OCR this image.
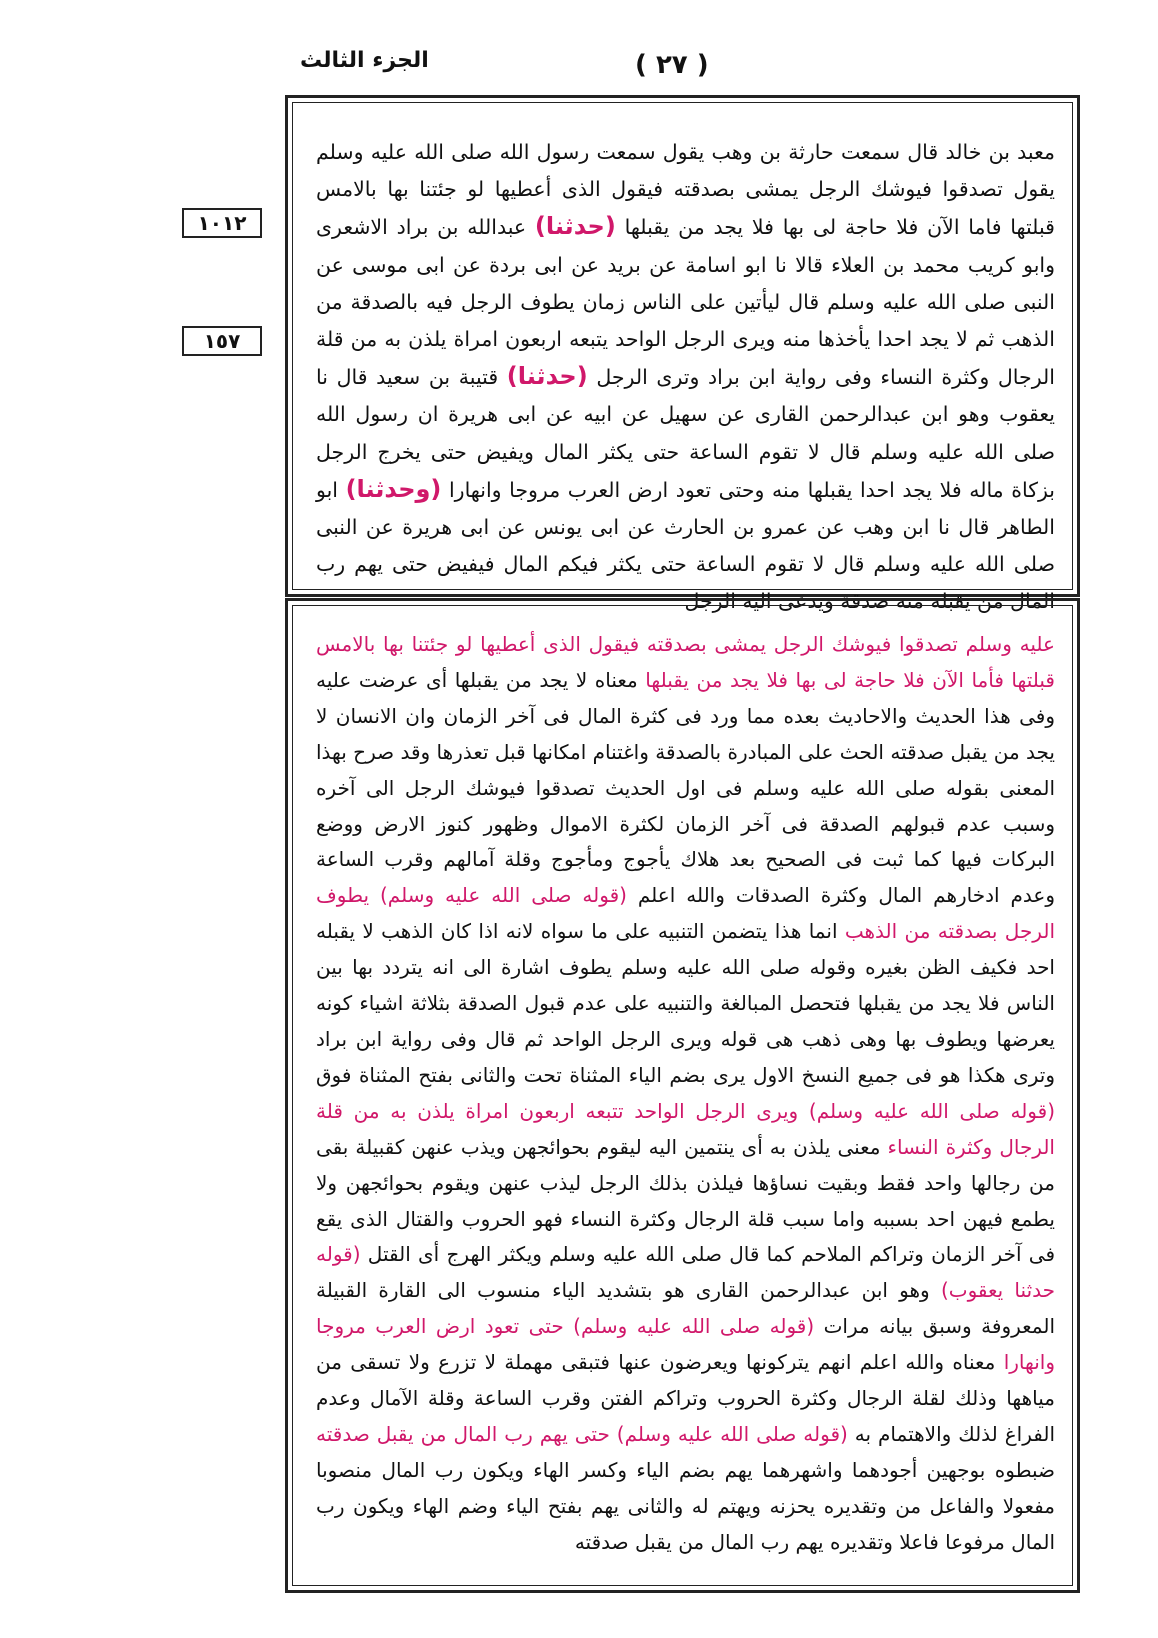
( ٢٧ )
الجزء الثالث
١٠١٢
١٥٧
معبد بن خالد قال سمعت حارثة بن وهب يقول سمعت رسول الله صلى الله عليه وسلم يقول تصدقوا فيوشك الرجل يمشى بصدقته فيقول الذى أعطيها لو جئتنا بها بالامس قبلتها فاما الآن فلا حاجة لى بها فلا يجد من يقبلها (حدثنا) عبدالله بن براد الاشعرى وابو كريب محمد بن العلاء قالا نا ابو اسامة عن بريد عن ابى بردة عن ابى موسى عن النبى صلى الله عليه وسلم قال ليأتين على الناس زمان يطوف الرجل فيه بالصدقة من الذهب ثم لا يجد احدا يأخذها منه ويرى الرجل الواحد يتبعه اربعون امراة يلذن به من قلة الرجال وكثرة النساء وفى رواية ابن براد وترى الرجل (حدثنا) قتيبة بن سعيد قال نا يعقوب وهو ابن عبدالرحمن القارى عن سهيل عن ابيه عن ابى هريرة ان رسول الله صلى الله عليه وسلم قال لا تقوم الساعة حتى يكثر المال ويفيض حتى يخرج الرجل بزكاة ماله فلا يجد احدا يقبلها منه وحتى تعود ارض العرب مروجا وانهارا (وحدثنا) ابو الطاهر قال نا ابن وهب عن عمرو بن الحارث عن ابى يونس عن ابى هريرة عن النبى صلى الله عليه وسلم قال لا تقوم الساعة حتى يكثر فيكم المال فيفيض حتى يهم رب المال من يقبله منه صدقة ويدعى اليه الرجل
عليه وسلم تصدقوا فيوشك الرجل يمشى بصدقته فيقول الذى أعطيها لو جئتنا بها بالامس قبلتها فأما الآن فلا حاجة لى بها فلا يجد من يقبلها معناه لا يجد من يقبلها أى عرضت عليه وفى هذا الحديث والاحاديث بعده مما ورد فى كثرة المال فى آخر الزمان وان الانسان لا يجد من يقبل صدقته الحث على المبادرة بالصدقة واغتنام امكانها قبل تعذرها وقد صرح بهذا المعنى بقوله صلى الله عليه وسلم فى اول الحديث تصدقوا فيوشك الرجل الى آخره وسبب عدم قبولهم الصدقة فى آخر الزمان لكثرة الاموال وظهور كنوز الارض ووضع البركات فيها كما ثبت فى الصحيح بعد هلاك يأجوج ومأجوج وقلة آمالهم وقرب الساعة وعدم ادخارهم المال وكثرة الصدقات والله اعلم (قوله صلى الله عليه وسلم) يطوف الرجل بصدقته من الذهب انما هذا يتضمن التنبيه على ما سواه لانه اذا كان الذهب لا يقبله احد فكيف الظن بغيره وقوله صلى الله عليه وسلم يطوف اشارة الى انه يتردد بها بين الناس فلا يجد من يقبلها فتحصل المبالغة والتنبيه على عدم قبول الصدقة بثلاثة اشياء كونه يعرضها ويطوف بها وهى ذهب هى قوله ويرى الرجل الواحد ثم قال وفى رواية ابن براد وترى هكذا هو فى جميع النسخ الاول يرى بضم الياء المثناة تحت والثانى بفتح المثناة فوق (قوله صلى الله عليه وسلم) ويرى الرجل الواحد تتبعه اربعون امراة يلذن به من قلة الرجال وكثرة النساء معنى يلذن به أى ينتمين اليه ليقوم بحوائجهن ويذب عنهن كقبيلة بقى من رجالها واحد فقط وبقيت نساؤها فيلذن بذلك الرجل ليذب عنهن ويقوم بحوائجهن ولا يطمع فيهن احد بسببه واما سبب قلة الرجال وكثرة النساء فهو الحروب والقتال الذى يقع فى آخر الزمان وتراكم الملاحم كما قال صلى الله عليه وسلم ويكثر الهرج أى القتل (قوله حدثنا يعقوب) وهو ابن عبدالرحمن القارى هو بتشديد الياء منسوب الى القارة القبيلة المعروفة وسبق بيانه مرات (قوله صلى الله عليه وسلم) حتى تعود ارض العرب مروجا وانهارا معناه والله اعلم انهم يتركونها ويعرضون عنها فتبقى مهملة لا تزرع ولا تسقى من مياهها وذلك لقلة الرجال وكثرة الحروب وتراكم الفتن وقرب الساعة وقلة الآمال وعدم الفراغ لذلك والاهتمام به (قوله صلى الله عليه وسلم) حتى يهم رب المال من يقبل صدقته ضبطوه بوجهين أجودهما واشهرهما يهم بضم الياء وكسر الهاء ويكون رب المال منصوبا مفعولا والفاعل من وتقديره يحزنه ويهتم له والثانى يهم بفتح الياء وضم الهاء ويكون رب المال مرفوعا فاعلا وتقديره يهم رب المال من يقبل صدقته
